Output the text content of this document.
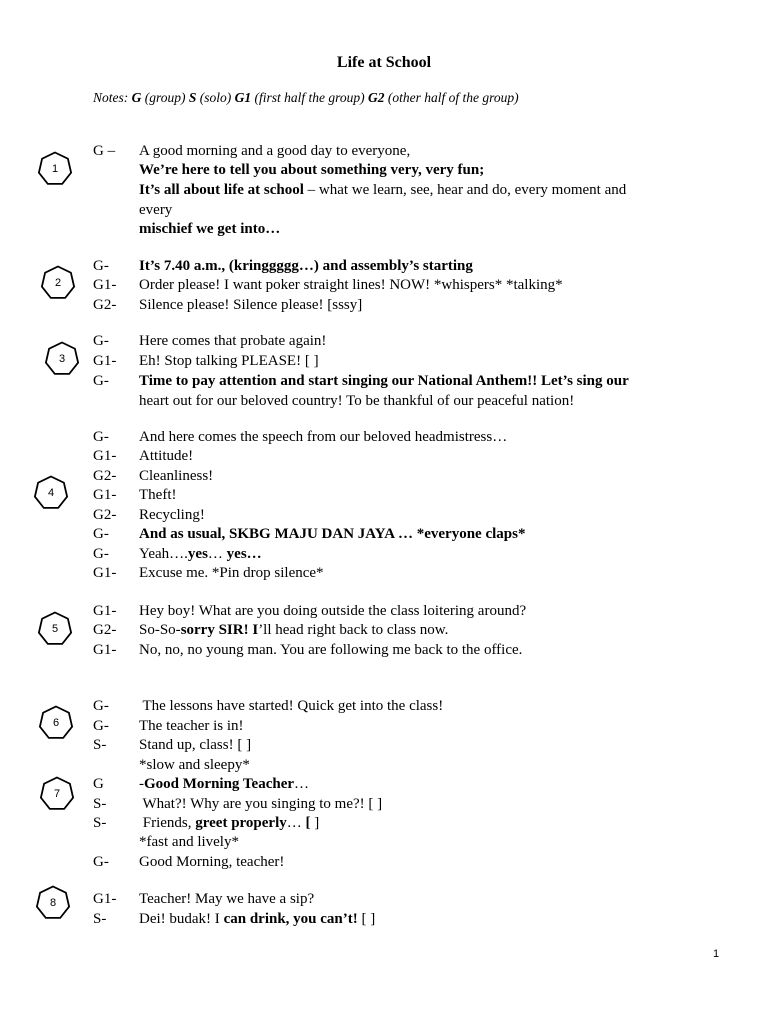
Life at School
Notes: G (group) S (solo) G1 (first half the group) G2 (other half of the group)
1
2
3
4
5
6
7
8
G – A good morning and a good day to everyone,
We’re here to tell you about something very, very fun;
It’s all about life at school – what we learn, see, hear and do, every moment and
every
mischief we get into…
G- It’s 7.40 a.m., (kringgggg…) and assembly’s starting
G1- Order please! I want poker straight lines! NOW! *whispers* *talking*
G2- Silence please! Silence please! [sssy]
G- Here comes that probate again!
G1- Eh! Stop talking PLEASE! [ ]
G- Time to pay attention and start singing our National Anthem!! Let’s sing our
heart out for our beloved country! To be thankful of our peaceful nation!
G- And here comes the speech from our beloved headmistress…
G1- Attitude!
G2- Cleanliness!
G1- Theft!
G2- Recycling!
G- And as usual, SKBG MAJU DAN JAYA … *everyone claps*
G- Yeah….yes… yes…
G1- Excuse me. *Pin drop silence*
G1- Hey boy! What are you doing outside the class loitering around?
G2- So-So-sorry SIR! I’ll head right back to class now.
G1- No, no, no young man. You are following me back to the office.
G- The lessons have started! Quick get into the class!
G- The teacher is in!
S- Stand up, class! [ ]
*slow and sleepy*
G -Good Morning Teacher…
S- What?! Why are you singing to me?! [ ]
S- Friends, greet properly… [ ]
*fast and lively*
G- Good Morning, teacher!
G1- Teacher! May we have a sip?
S- Dei! budak! I can drink, you can’t! [ ]
1
